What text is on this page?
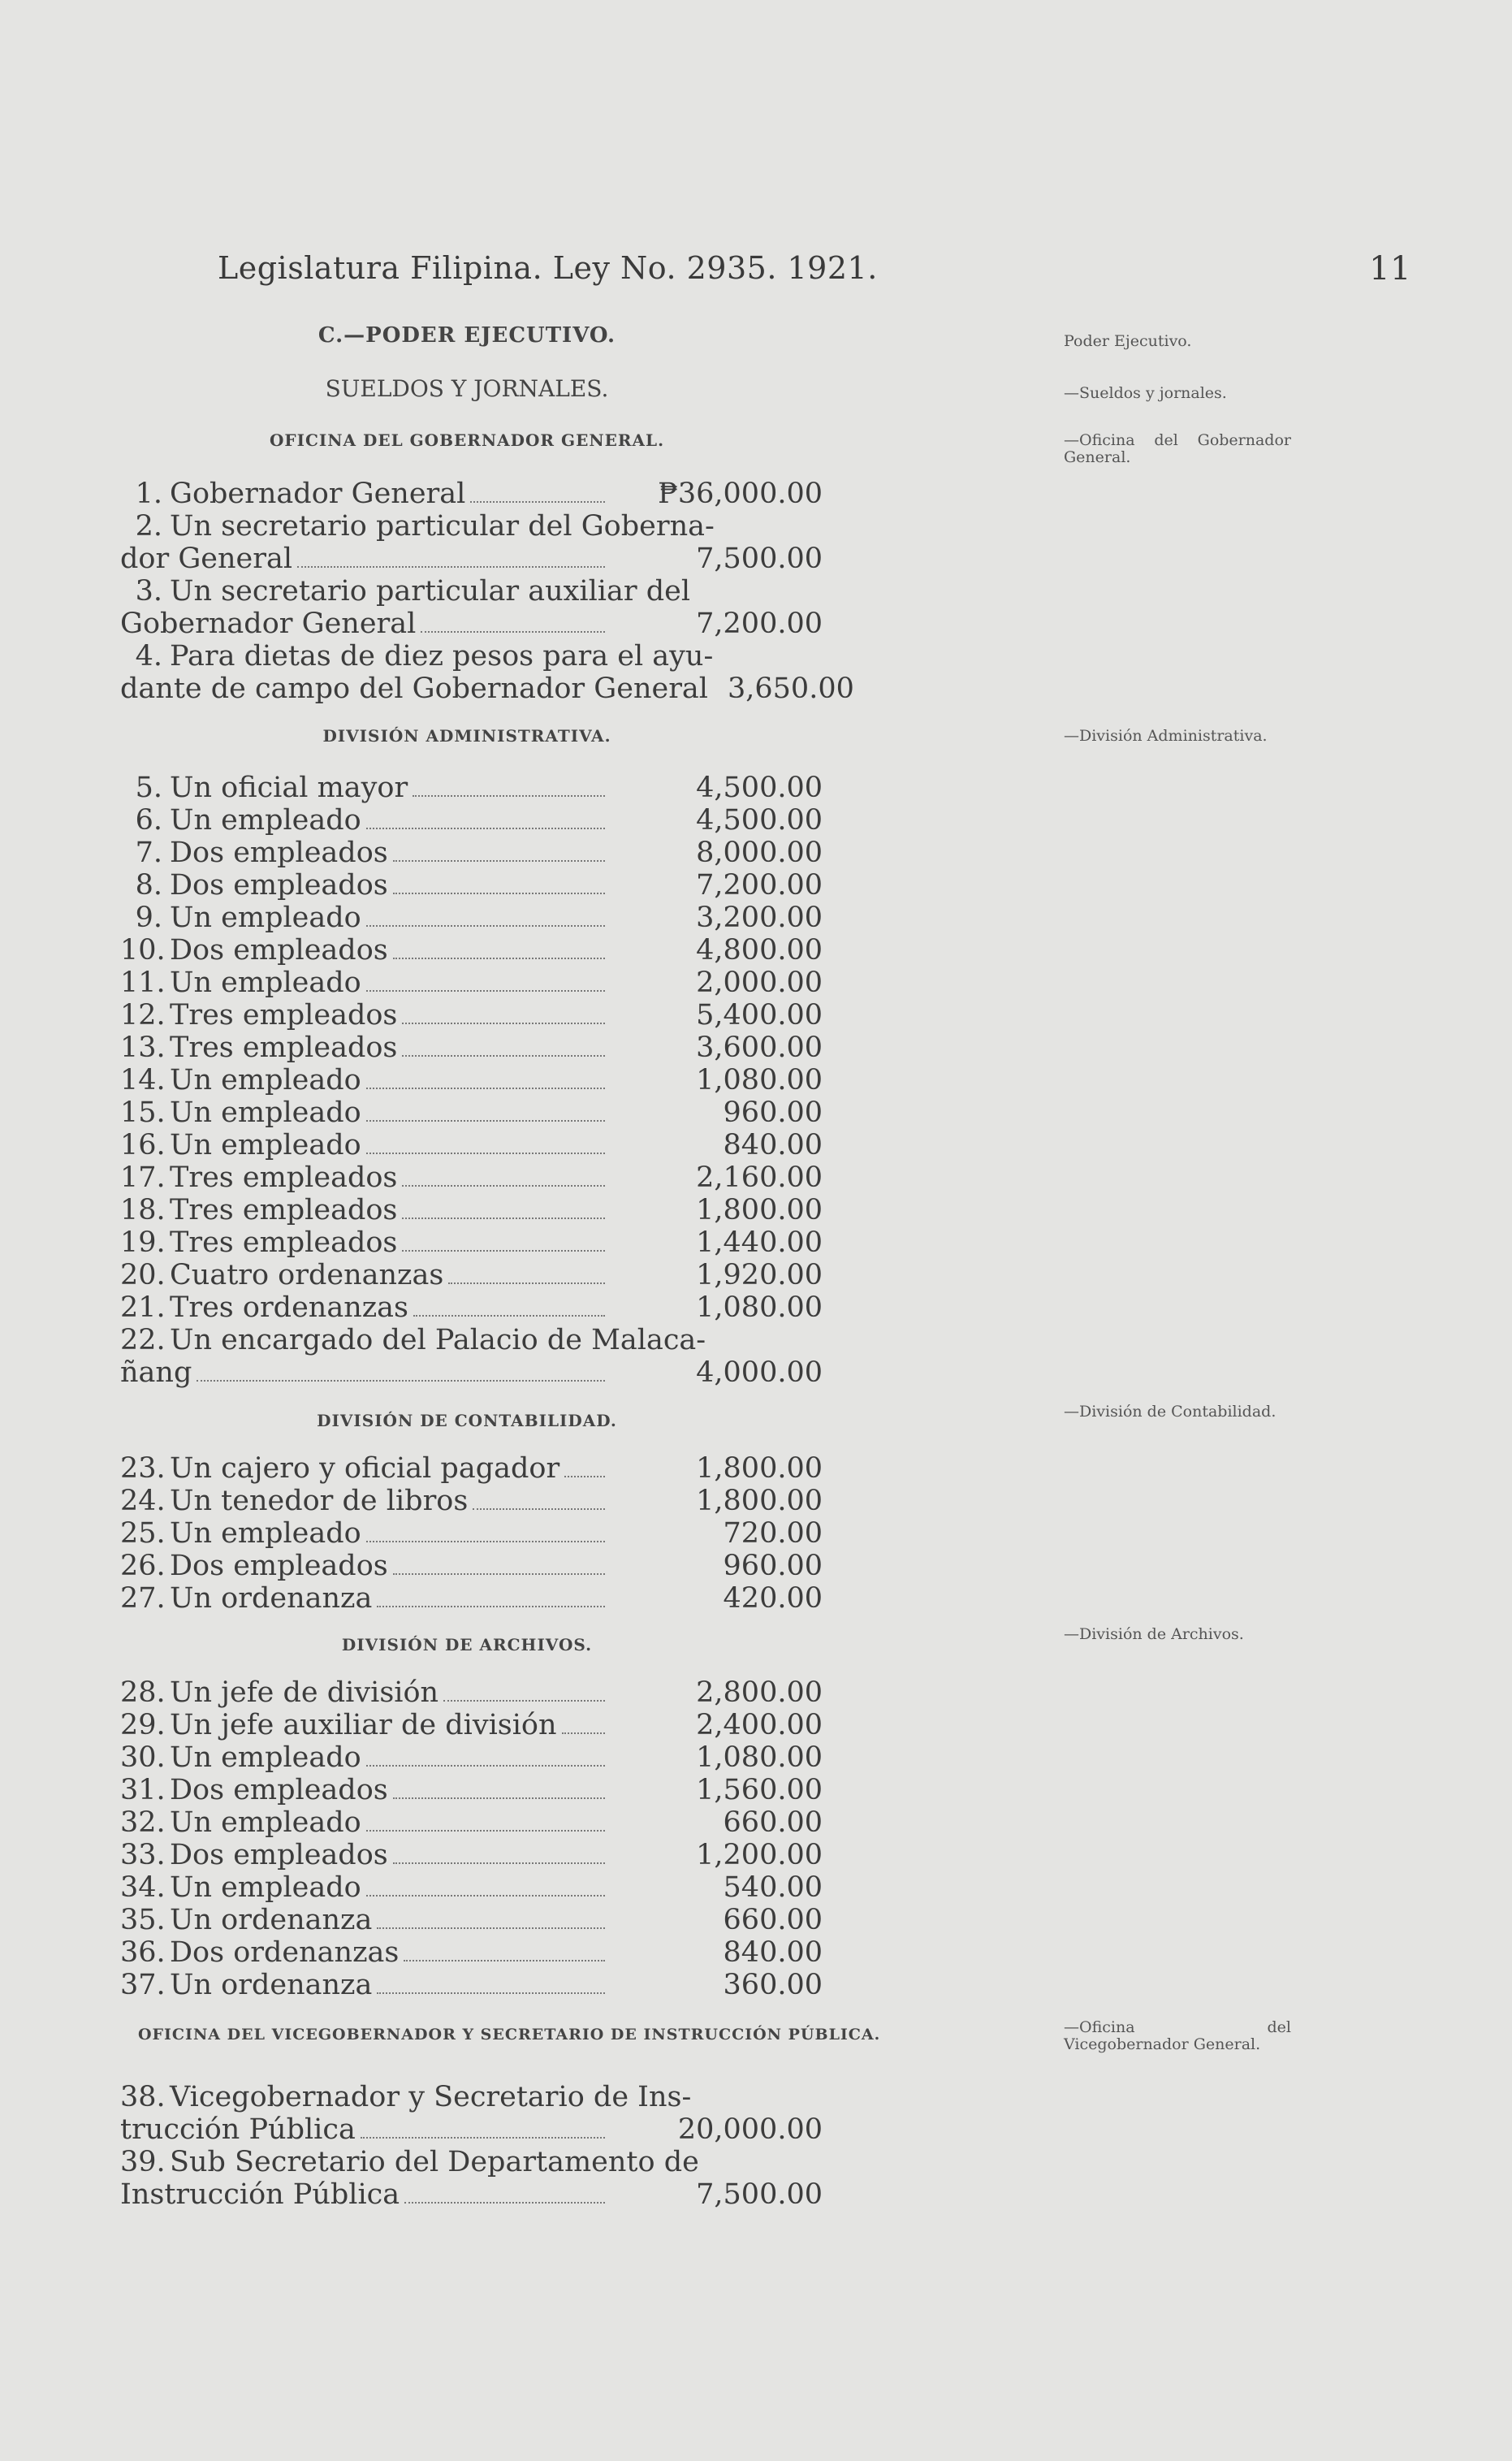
Legislatura Filipina. Ley No. 2935. 1921.	11
C.—PODER EJECUTIVO.	Poder Ejecutivo.
SUELDOS Y JORNALES.	—Sueldos y jornales.
OFICINA DEL GOBERNADOR GENERAL.	—Oficina del Gobernador General.
1. Gobernador General	₱36,000.00
2. Un secretario particular del Goberna-
dor General	7,500.00
3. Un secretario particular auxiliar del
Gobernador General	7,200.00
4. Para dietas de diez pesos para el ayu-
dante de campo del Gobernador General 3,650.00
DIVISIÓN ADMINISTRATIVA.	—División Administrativa.
5. Un oficial mayor	4,500.00
6. Un empleado	4,500.00
7. Dos empleados	8,000.00
8. Dos empleados	7,200.00
9. Un empleado	3,200.00
10. Dos empleados	4,800.00
11. Un empleado	2,000.00
12. Tres empleados	5,400.00
13. Tres empleados	3,600.00
14. Un empleado	1,080.00
15. Un empleado	960.00
16. Un empleado	840.00
17. Tres empleados	2,160.00
18. Tres empleados	1,800.00
19. Tres empleados	1,440.00
20. Cuatro ordenanzas	1,920.00
21. Tres ordenanzas	1,080.00
22. Un encargado del Palacio de Malaca-
ñang	4,000.00
DIVISIÓN DE CONTABILIDAD.	—División de Contabilidad.
23. Un cajero y oficial pagador	1,800.00
24. Un tenedor de libros	1,800.00
25. Un empleado	720.00
26. Dos empleados	960.00
27. Un ordenanza	420.00
DIVISIÓN DE ARCHIVOS.
—División de Archivos.
28. Un jefe de división	2,800.00
29. Un jefe auxiliar de división	2,400.00
30. Un empleado	1,080.00
31. Dos empleados	1,560.00
32. Un empleado	660.00
33. Dos empleados	1,200.00
34. Un empleado	540.00
35. Un ordenanza	660.00
36. Dos ordenanzas	840.00
37. Un ordenanza	360.00
OFICINA DEL VICEGOBERNADOR Y SECRETARIO DE INSTRUCCIÓN PÚBLICA.	—Oficina del Vicegobernador General.
38. Vicegobernador y Secretario de Ins-
trucción Pública	20,000.00
39. Sub Secretario del Departamento de
Instrucción Pública	7,500.00
